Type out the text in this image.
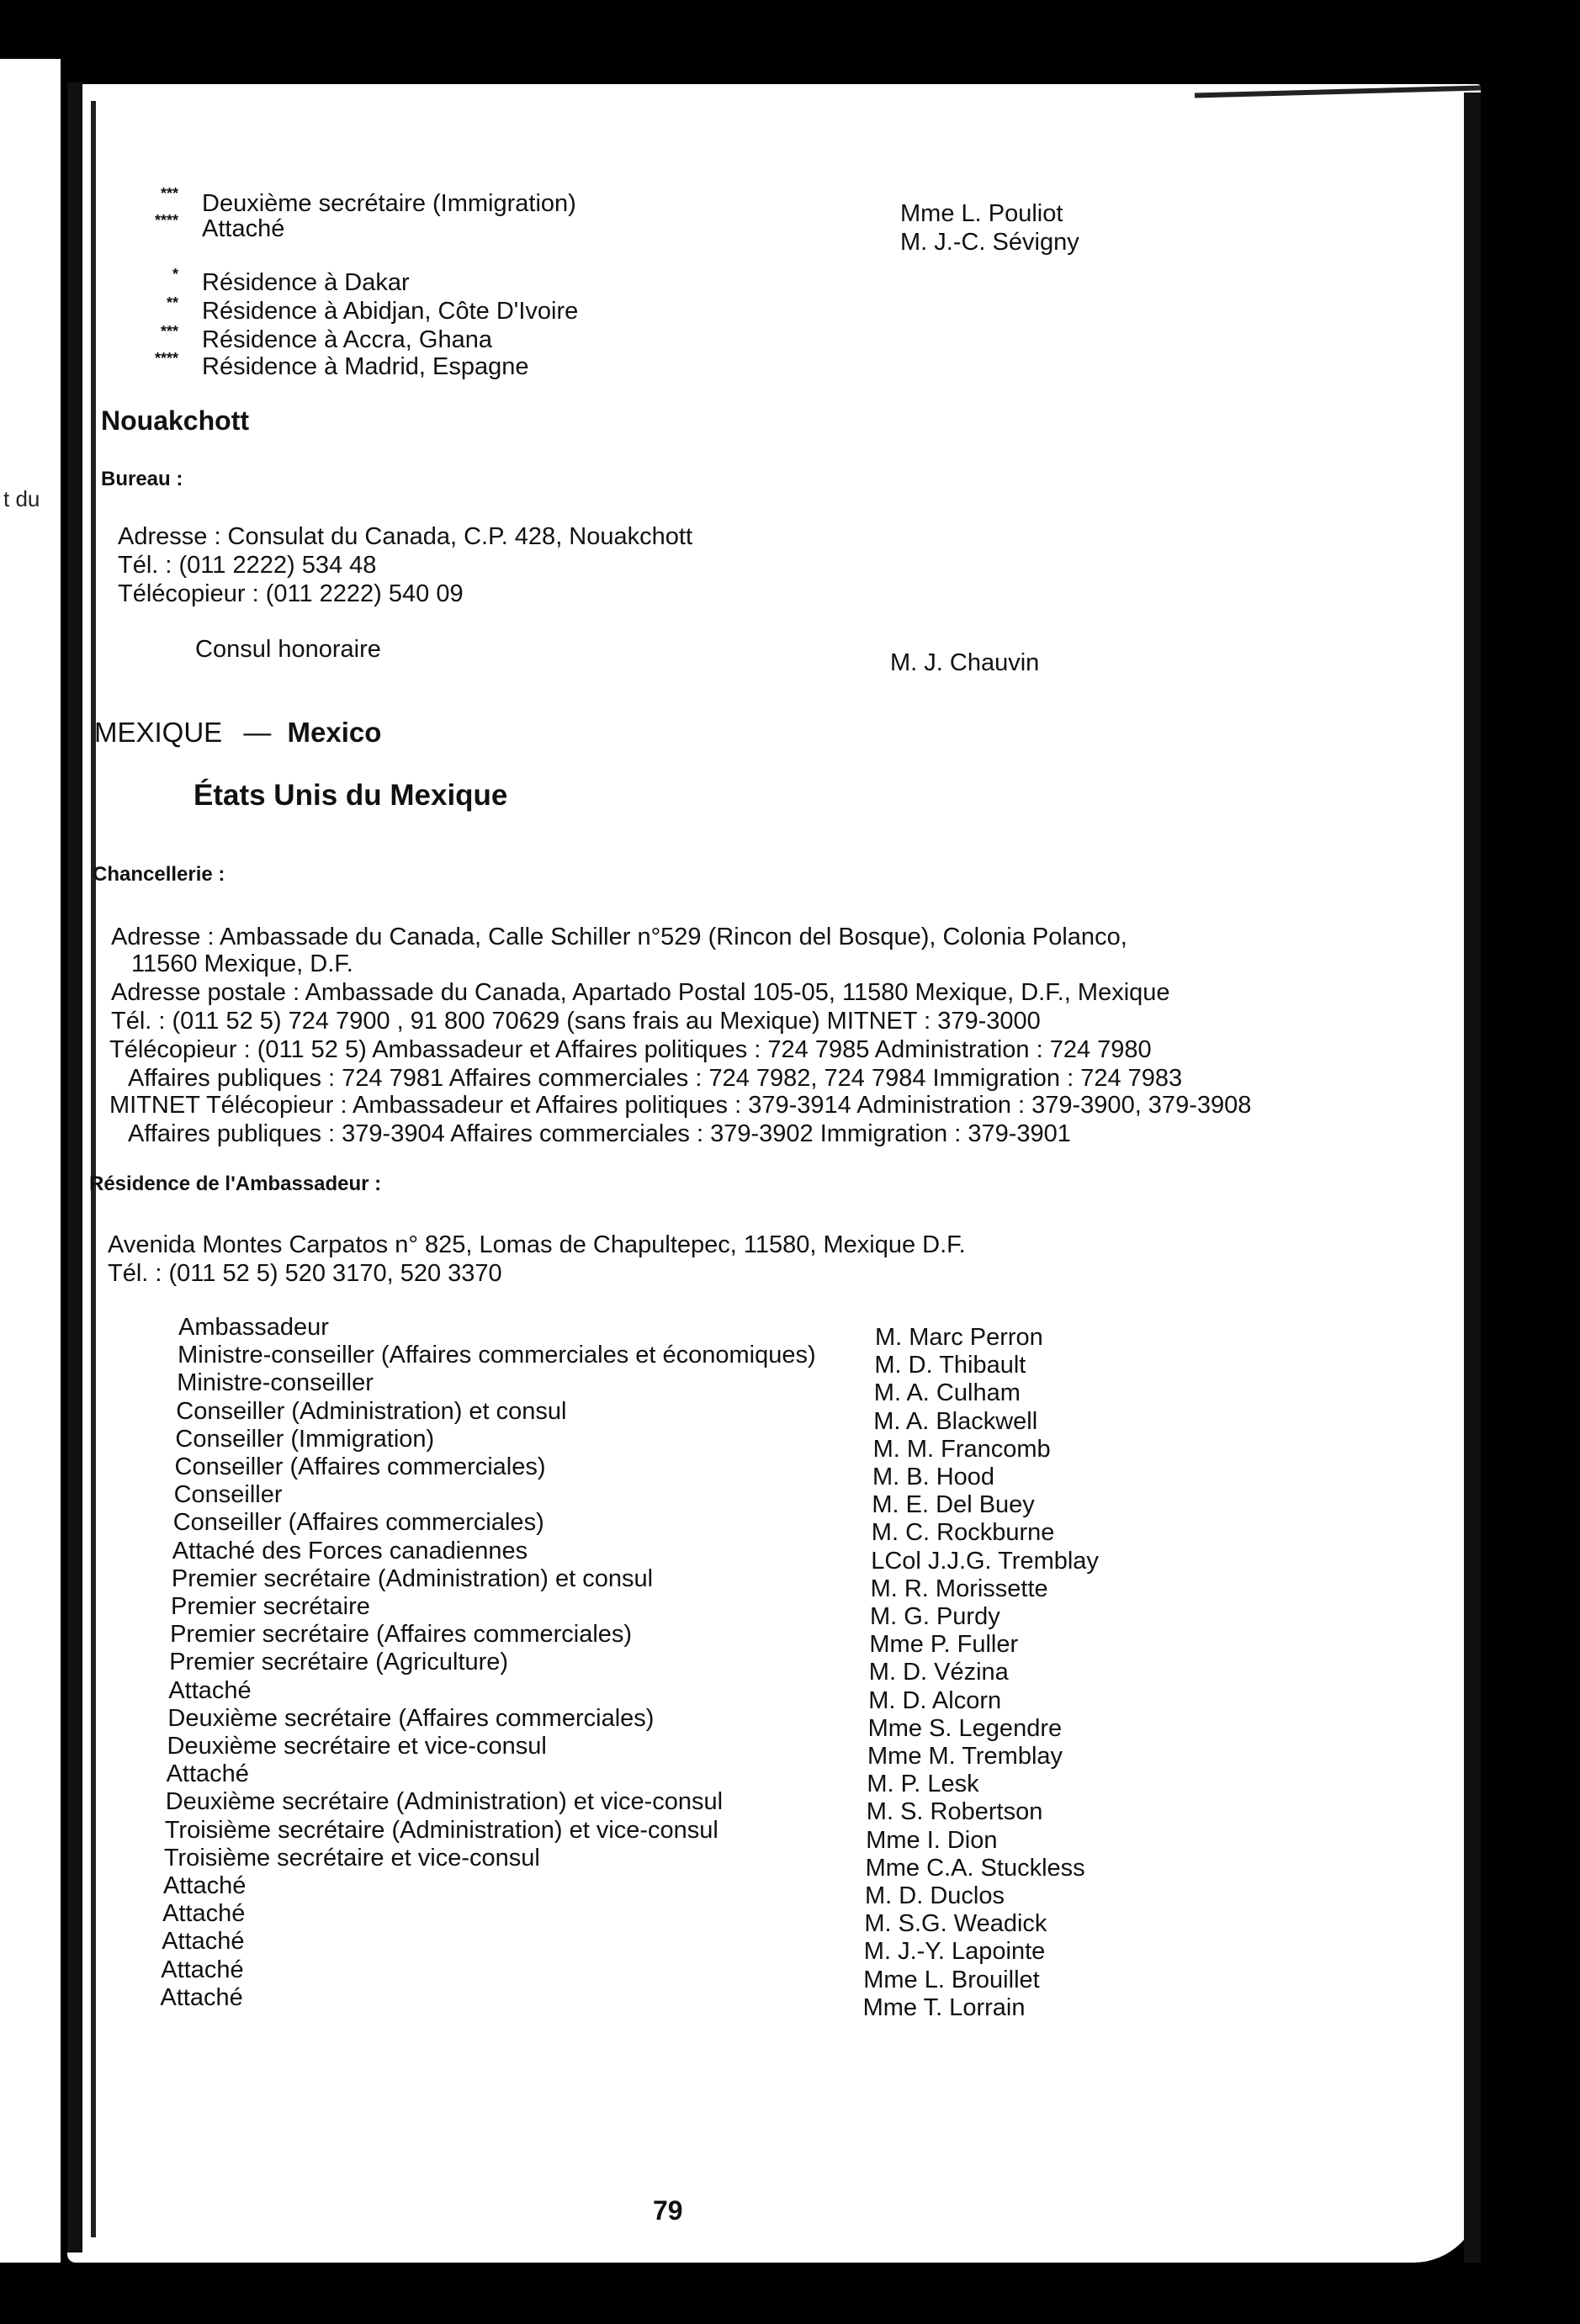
t du
*** Deuxième secrétaire (Immigration)	Mme L. Pouliot
**** Attaché	M. J.-C. Sévigny
* Résidence à Dakar
** Résidence à Abidjan, Côte D'Ivoire
*** Résidence à Accra, Ghana
**** Résidence à Madrid, Espagne
Nouakchott
Bureau :
Adresse : Consulat du Canada, C.P. 428, Nouakchott
Tél. : (011 2222) 534 48
Télécopieur : (011 2222) 540 09
Consul honoraire	M. J. Chauvin
MEXIQUE — Mexico
États Unis du Mexique
Chancellerie :
Adresse : Ambassade du Canada, Calle Schiller n°529 (Rincon del Bosque), Colonia Polanco,
11560 Mexique, D.F.
Adresse postale : Ambassade du Canada, Apartado Postal 105-05, 11580 Mexique, D.F., Mexique
Tél. : (011 52 5) 724 7900 , 91 800 70629 (sans frais au Mexique) MITNET : 379-3000
Télécopieur : (011 52 5) Ambassadeur et Affaires politiques : 724 7985 Administration : 724 7980
Affaires publiques : 724 7981 Affaires commerciales : 724 7982, 724 7984 Immigration : 724 7983
MITNET Télécopieur : Ambassadeur et Affaires politiques : 379-3914 Administration : 379-3900, 379-3908
Affaires publiques : 379-3904 Affaires commerciales : 379-3902 Immigration : 379-3901
Résidence de l'Ambassadeur :
Avenida Montes Carpatos n° 825, Lomas de Chapultepec, 11580, Mexique D.F.
Tél. : (011 52 5) 520 3170, 520 3370
Ambassadeur	M. Marc Perron
Ministre-conseiller (Affaires commerciales et économiques) M. D. Thibault
Ministre-conseiller	M. A. Culham
Conseiller (Administration) et consul	M. A. Blackwell
Conseiller (Immigration)	M. M. Francomb
Conseiller (Affaires commerciales)	M. B. Hood
Conseiller	M. E. Del Buey
Conseiller (Affaires commerciales)	M. C. Rockburne
Attaché des Forces canadiennes	LCol J.J.G. Tremblay
Premier secrétaire (Administration) et consul	M. R. Morissette
Premier secrétaire	M. G. Purdy
Premier secrétaire (Affaires commerciales)	Mme P. Fuller
Premier secrétaire (Agriculture)	M. D. Vézina
Attaché	M. D. Alcorn
Deuxième secrétaire (Affaires commerciales)	Mme S. Legendre
Deuxième secrétaire et vice-consul	Mme M. Tremblay
Attaché	M. P. Lesk
Deuxième secrétaire (Administration) et vice-consul	M. S. Robertson
Troisième secrétaire (Administration) et vice-consul	Mme I. Dion
Troisième secrétaire et vice-consul	Mme C.A. Stuckless
Attaché	M. D. Duclos
Attaché	M. S.G. Weadick
Attaché	M. J.-Y. Lapointe
Attaché	Mme L. Brouillet
Attaché	Mme T. Lorrain
79
